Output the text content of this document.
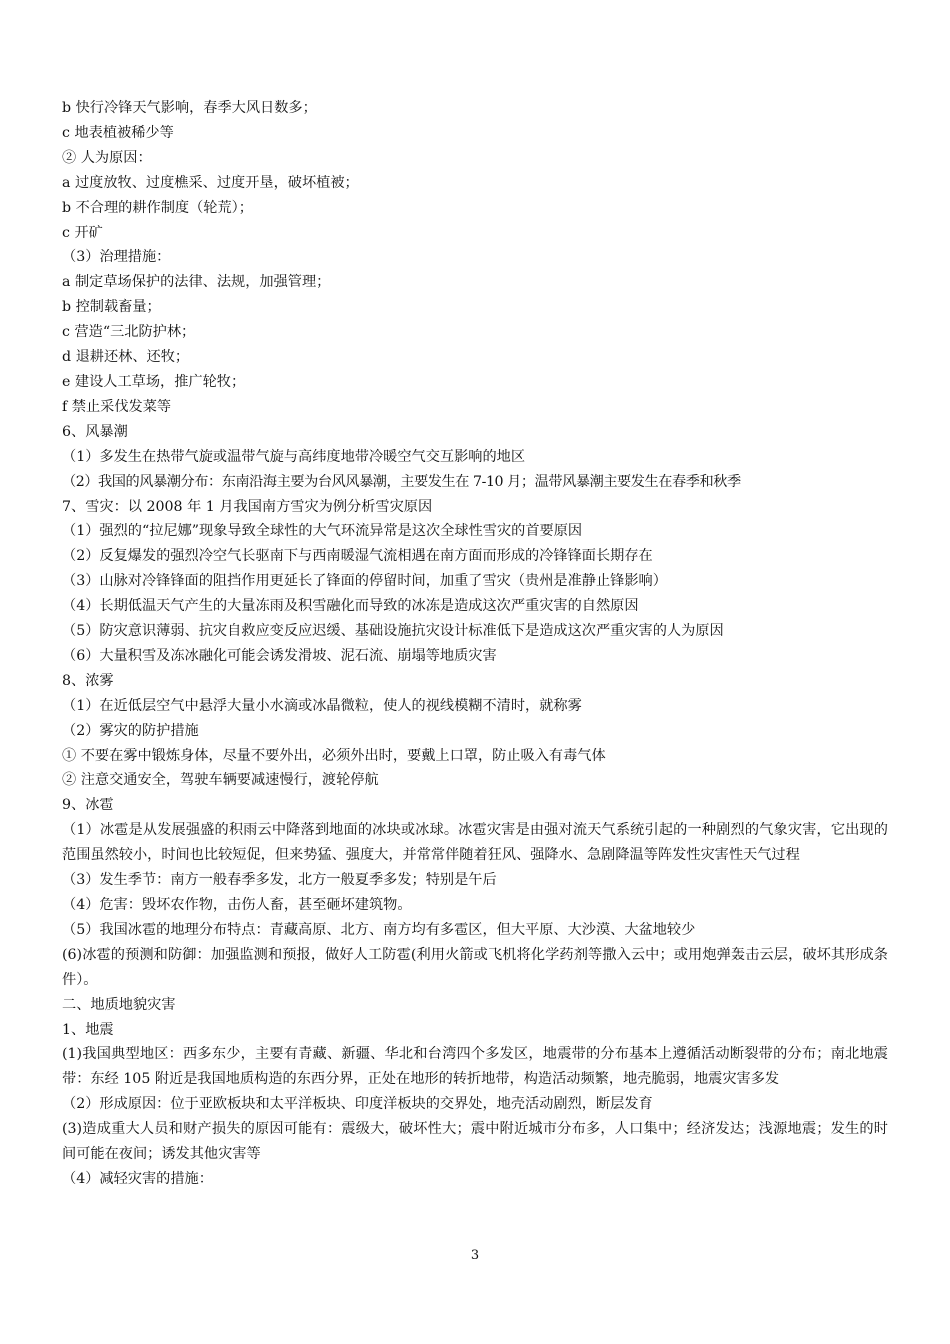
b 快行冷锋天气影响，春季大风日数多；
c 地表植被稀少等
② 人为原因：
a 过度放牧、过度樵采、过度开垦，破坏植被；
b 不合理的耕作制度（轮荒）；
c 开矿
（3）治理措施：
a 制定草场保护的法律、法规，加强管理；
b 控制载畜量；
c 营造“三北防护林；
d 退耕还林、还牧；
e 建设人工草场，推广轮牧；
f 禁止采伐发菜等
6、风暴潮
（1）多发生在热带气旋或温带气旋与高纬度地带冷暖空气交互影响的地区
（2）我国的风暴潮分布：东南沿海主要为台风风暴潮，主要发生在 7-10 月；温带风暴潮主要发生在春季和秋季
7、雪灾：以 2008 年 1 月我国南方雪灾为例分析雪灾原因
（1）强烈的“拉尼娜”现象导致全球性的大气环流异常是这次全球性雪灾的首要原因
（2）反复爆发的强烈冷空气长驱南下与西南暖湿气流相遇在南方面而形成的冷锋锋面长期存在
（3）山脉对冷锋锋面的阻挡作用更延长了锋面的停留时间，加重了雪灾（贵州是准静止锋影响）
（4）长期低温天气产生的大量冻雨及积雪融化而导致的冰冻是造成这次严重灾害的自然原因
（5）防灾意识薄弱、抗灾自救应变反应迟缓、基础设施抗灾设计标准低下是造成这次严重灾害的人为原因
（6）大量积雪及冻冰融化可能会诱发滑坡、泥石流、崩塌等地质灾害
8、浓雾
（1）在近低层空气中悬浮大量小水滴或冰晶微粒，使人的视线模糊不清时，就称雾
（2）雾灾的防护措施
① 不要在雾中锻炼身体，尽量不要外出，必须外出时，要戴上口罩，防止吸入有毒气体
② 注意交通安全，驾驶车辆要减速慢行，渡轮停航
9、冰雹
（1）冰雹是从发展强盛的积雨云中降落到地面的冰块或冰球。冰雹灾害是由强对流天气系统引起的一种剧烈的气象灾害，它出现的范围虽然较小，时间也比较短促，但来势猛、强度大，并常常伴随着狂风、强降水、急剧降温等阵发性灾害性天气过程
（3）发生季节：南方一般春季多发，北方一般夏季多发；特别是午后
（4）危害：毁坏农作物，击伤人畜，甚至砸坏建筑物。
（5）我国冰雹的地理分布特点：青藏高原、北方、南方均有多雹区，但大平原、大沙漠、大盆地较少
(6)冰雹的预测和防御：加强监测和预报，做好人工防雹(利用火箭或飞机将化学药剂等撒入云中；或用炮弹轰击云层，破坏其形成条件）。
二、地质地貌灾害
1、地震
(1)我国典型地区：西多东少，主要有青藏、新疆、华北和台湾四个多发区，地震带的分布基本上遵循活动断裂带的分布；南北地震带：东经 105 附近是我国地质构造的东西分界，正处在地形的转折地带，构造活动频繁，地壳脆弱，地震灾害多发
（2）形成原因：位于亚欧板块和太平洋板块、印度洋板块的交界处，地壳活动剧烈，断层发育
(3)造成重大人员和财产损失的原因可能有：震级大，破坏性大；震中附近城市分布多，人口集中；经济发达；浅源地震；发生的时间可能在夜间；诱发其他灾害等
（4）减轻灾害的措施：
3
